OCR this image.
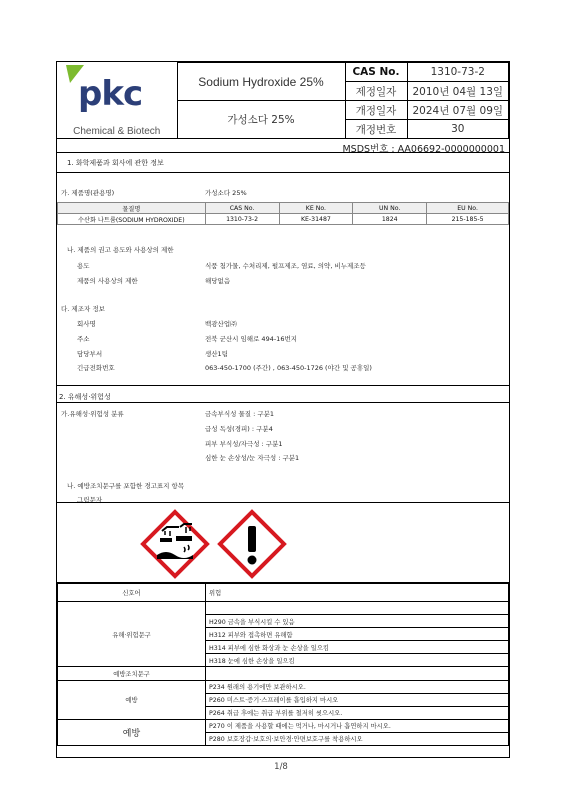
pkc
Chemical & Biotech	Sodium Hydroxide 25%	CAS No.	1310-73-2
		제정일자	2010년 04월 13일
	가성소다 25%	개정일자	2024년 07월 09일
		개정번호	30
MSDS번호 : AA06692-0000000001
1. 화학제품과 회사에 관한 정보
가. 제품명(관용명)	가성소다 25%
물질명	CAS No.	KE No.	UN No.	EU No.
수산화 나트륨(SODIUM HYDROXIDE)	1310-73-2	KE-31487	1824	215-185-5
나. 제품의 권고 용도와 사용상의 제한
용도	식품 첨가물, 수처리제, 펄프제조, 염료, 의약, 비누제조등
제품의 사용상의 제한	해당없음
다. 제조자 정보
회사명	백광산업㈜
주소	전북 군산시 임해로 494-16번지
담당부서	생산1팀
긴급전화번호	063-450-1700 (주간) , 063-450-1726 (야간 및 공휴일)
2. 유해성·위험성
가.유해성·위험성 분류	금속부식성 물질 : 구분1
급성 독성(경피) : 구분4
피부 부식성/자극성 : 구분1
심한 눈 손상성/눈 자극성 : 구분1
나. 예방조치문구를 포함한 경고표지 항목
그림문자
신호어	위험
유해·위험문구	
	H290 금속을 부식시킬 수 있음
	H312 피부와 접촉하면 유해함
	H314 피부에 심한 화상과 눈 손상을 일으킴
	H318 눈에 심한 손상을 일으킴
예방조치문구	
예방	P234 원래의 용기에만 보관하시오.
	P260 미스트·증기·스프레이를 흡입하지 마시오
	P264 취급 후에는 취급 부위를 철저히 씻으시오.
예방	P270 이 제품을 사용할 때에는 먹거나, 마시거나 흡연하지 마시오.
	P280 보호장갑·보호의·보안경·안면보호구를 착용하시오
1/8
